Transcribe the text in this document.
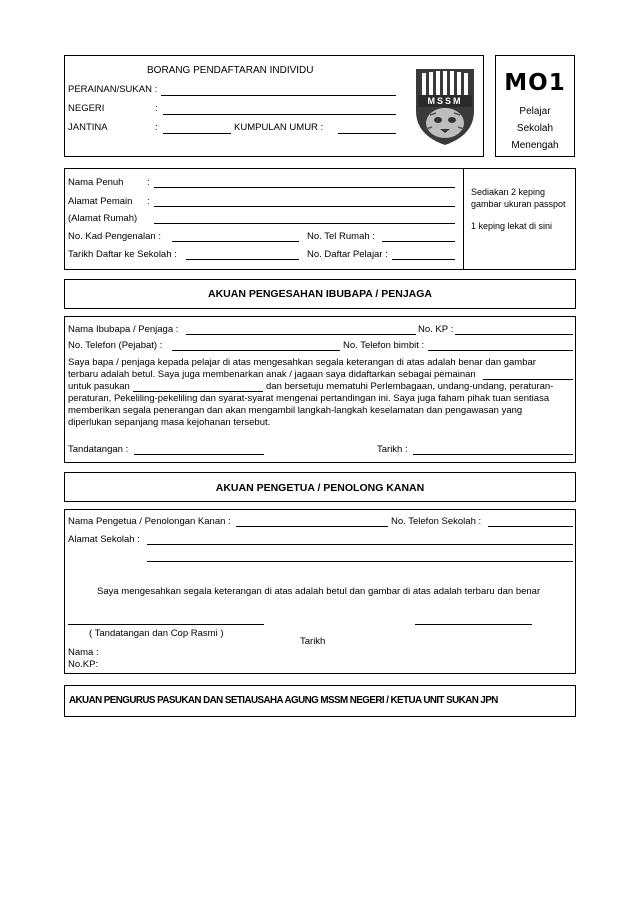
BORANG PENDAFTARAN INDIVIDU
PERAINAN/SUKAN :
NEGERI	:
JANTINA	:	KUMPULAN UMUR :
MSSM
MO1
Pelajar
Sekolah
Menengah
Nama Penuh :
Alamat Pemain :
(Alamat Rumah)
No. Kad Pengenalan :	No. Tel Rumah :
Tarikh Daftar ke Sekolah :	No. Daftar Pelajar :
Sediakan 2 keping
gambar ukuran passpot
1 keping lekat di sini
AKUAN PENGESAHAN IBUBAPA / PENJAGA
Nama Ibubapa / Penjaga :	No. KP :
No. Telefon (Pejabat) :	No. Telefon bimbit :
Saya bapa / penjaga kepada pelajar di atas mengesahkan segala keterangan di atas adalah benar dan gambar
terbaru adalah betul. Saya juga membenarkan anak / jagaan saya didaftarkan sebagai pemainan
untuk pasukan	dan bersetuju mematuhi Perlembagaan, undang-undang, peraturan-
peraturan, Pekeliling-pekeliling dan syarat-syarat mengenai pertandingan ini. Saya juga faham pihak tuan sentiasa
memberikan segala penerangan dan akan mengambil langkah-langkah keselamatan dan pengawasan yang
diperlukan sepanjang masa kejohanan tersebut.
Tandatangan :	Tarikh :
AKUAN PENGETUA / PENOLONG KANAN
Nama Pengetua / Penolongan Kanan :	No. Telefon Sekolah :
Alamat Sekolah :
Saya mengesahkan segala keterangan di atas adalah betul dan gambar di atas adalah terbaru dan benar
( Tandatangan dan Cop Rasmi )
Tarikh
Nama :
No.KP:
AKUAN PENGURUS PASUKAN DAN SETIAUSAHA AGUNG MSSM NEGERI / KETUA UNIT SUKAN JPN
